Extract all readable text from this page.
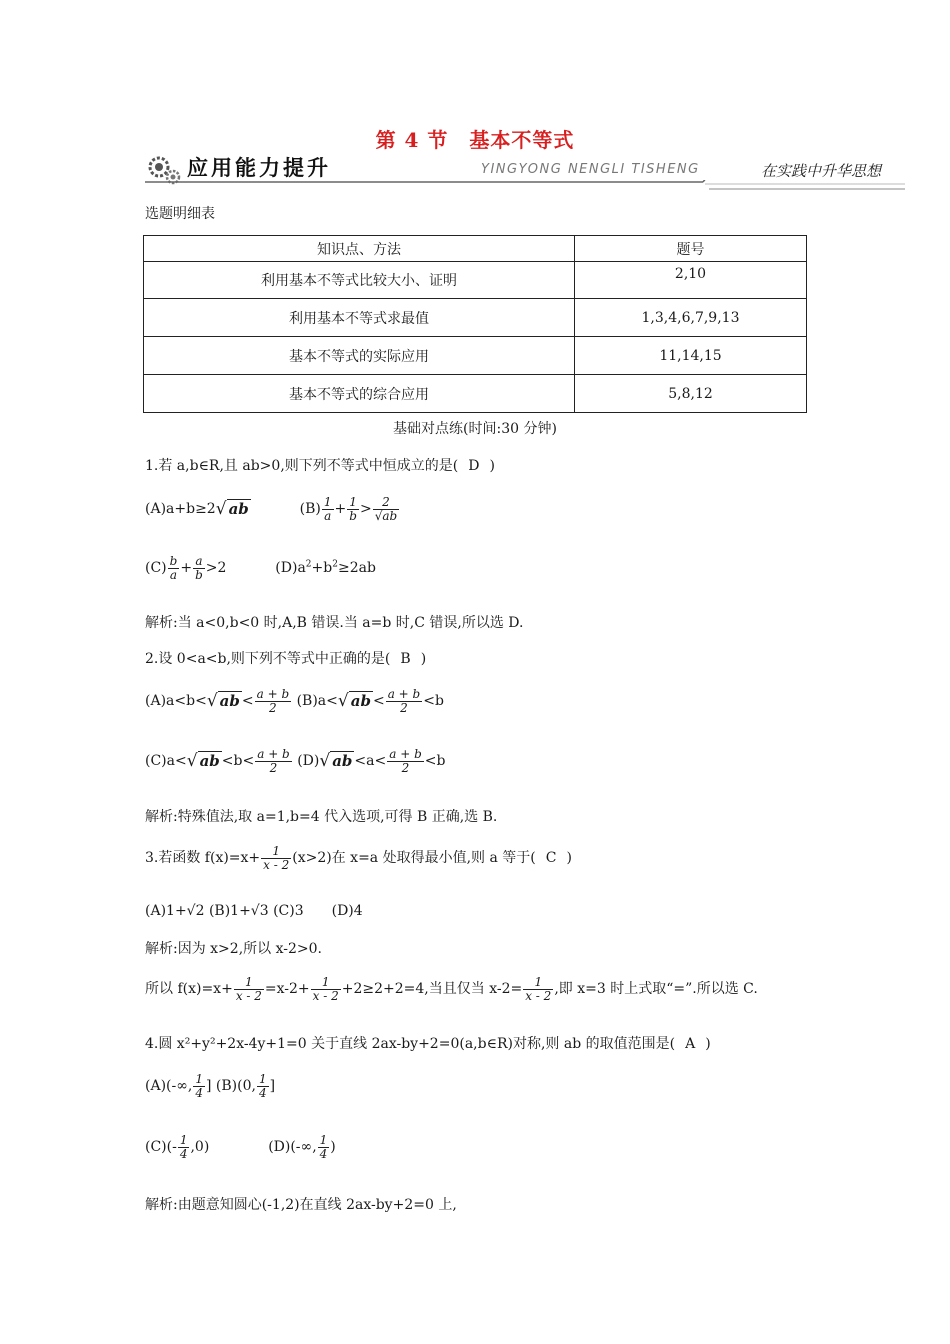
第 4 节　基本不等式
应用能力提升	YINGYONG NENGLI TISHENG	在实践中升华思想
选题明细表
知识点、方法	题号
利用基本不等式比较大小、证明	2,10
利用基本不等式求最值	1,3,4,6,7,9,13
基本不等式的实际应用	11,14,15
基本不等式的综合应用	5,8,12
基础对点练(时间:30 分钟)
1.若 a,b∈R,且 ab>0,则下列不等式中恒成立的是( D )
(A)a+b≥2√ ab	$(B) \frac{1}{a} + \frac{1}{b} > \frac{2}{√ab}$
$(C) \frac{b}{a} + \frac{a}{b} >2$	$(D)a^2+b^2\ge 2ab$
解析:当 a<0,b<0 时,A,B 错误.当 a=b 时,C 错误,所以选 D.
2.设 0<a<b,则下列不等式中正确的是( B )
(A)a<b<√ ab < $\frac{a + b}{2} (B)a<√$ ab < $\frac{a + b}{2} <b$
(C)a<√ ab $<b< \frac{a + b}{2} (D)√$ ab $<a< \frac{a + b}{2} <b$
解析:特殊值法,取 a=1,b=4 代入选项,可得 B 正确,选 B.
3.若函数 $f(x)=x+ \frac{1}{x - 2} (x>2)$在 x=a 处取得最小值,则 a 等于( C )
(A)1+√2 (B)1+√3 (C)3　　(D)4
解析:因为 x>2,所以 x-2>0.
所以 $f(x)=x+ \frac{1}{x - 2} =x-2+ \frac{1}{x - 2} +2\ge 2+2=4$,当且仅当 $x-2= \frac{1}{x - 2}$ ,即 x=3 时上式取“=”.所以选 C.
4.圆 x²+y²+2x-4y+1=0 关于直线 2ax-by+2=0(a,b∈R)对称,则 ab 的取值范围是( A )
(A)(-∞, $\frac{1}{4}$ ] (B)(0, $\frac{1}{4}$ ]
$(C)(- \frac{1}{4} ,0)$	(D)(-∞, $\frac{1}{4}$ )
解析:由题意知圆心(-1,2)在直线 2ax-by+2=0 上,
